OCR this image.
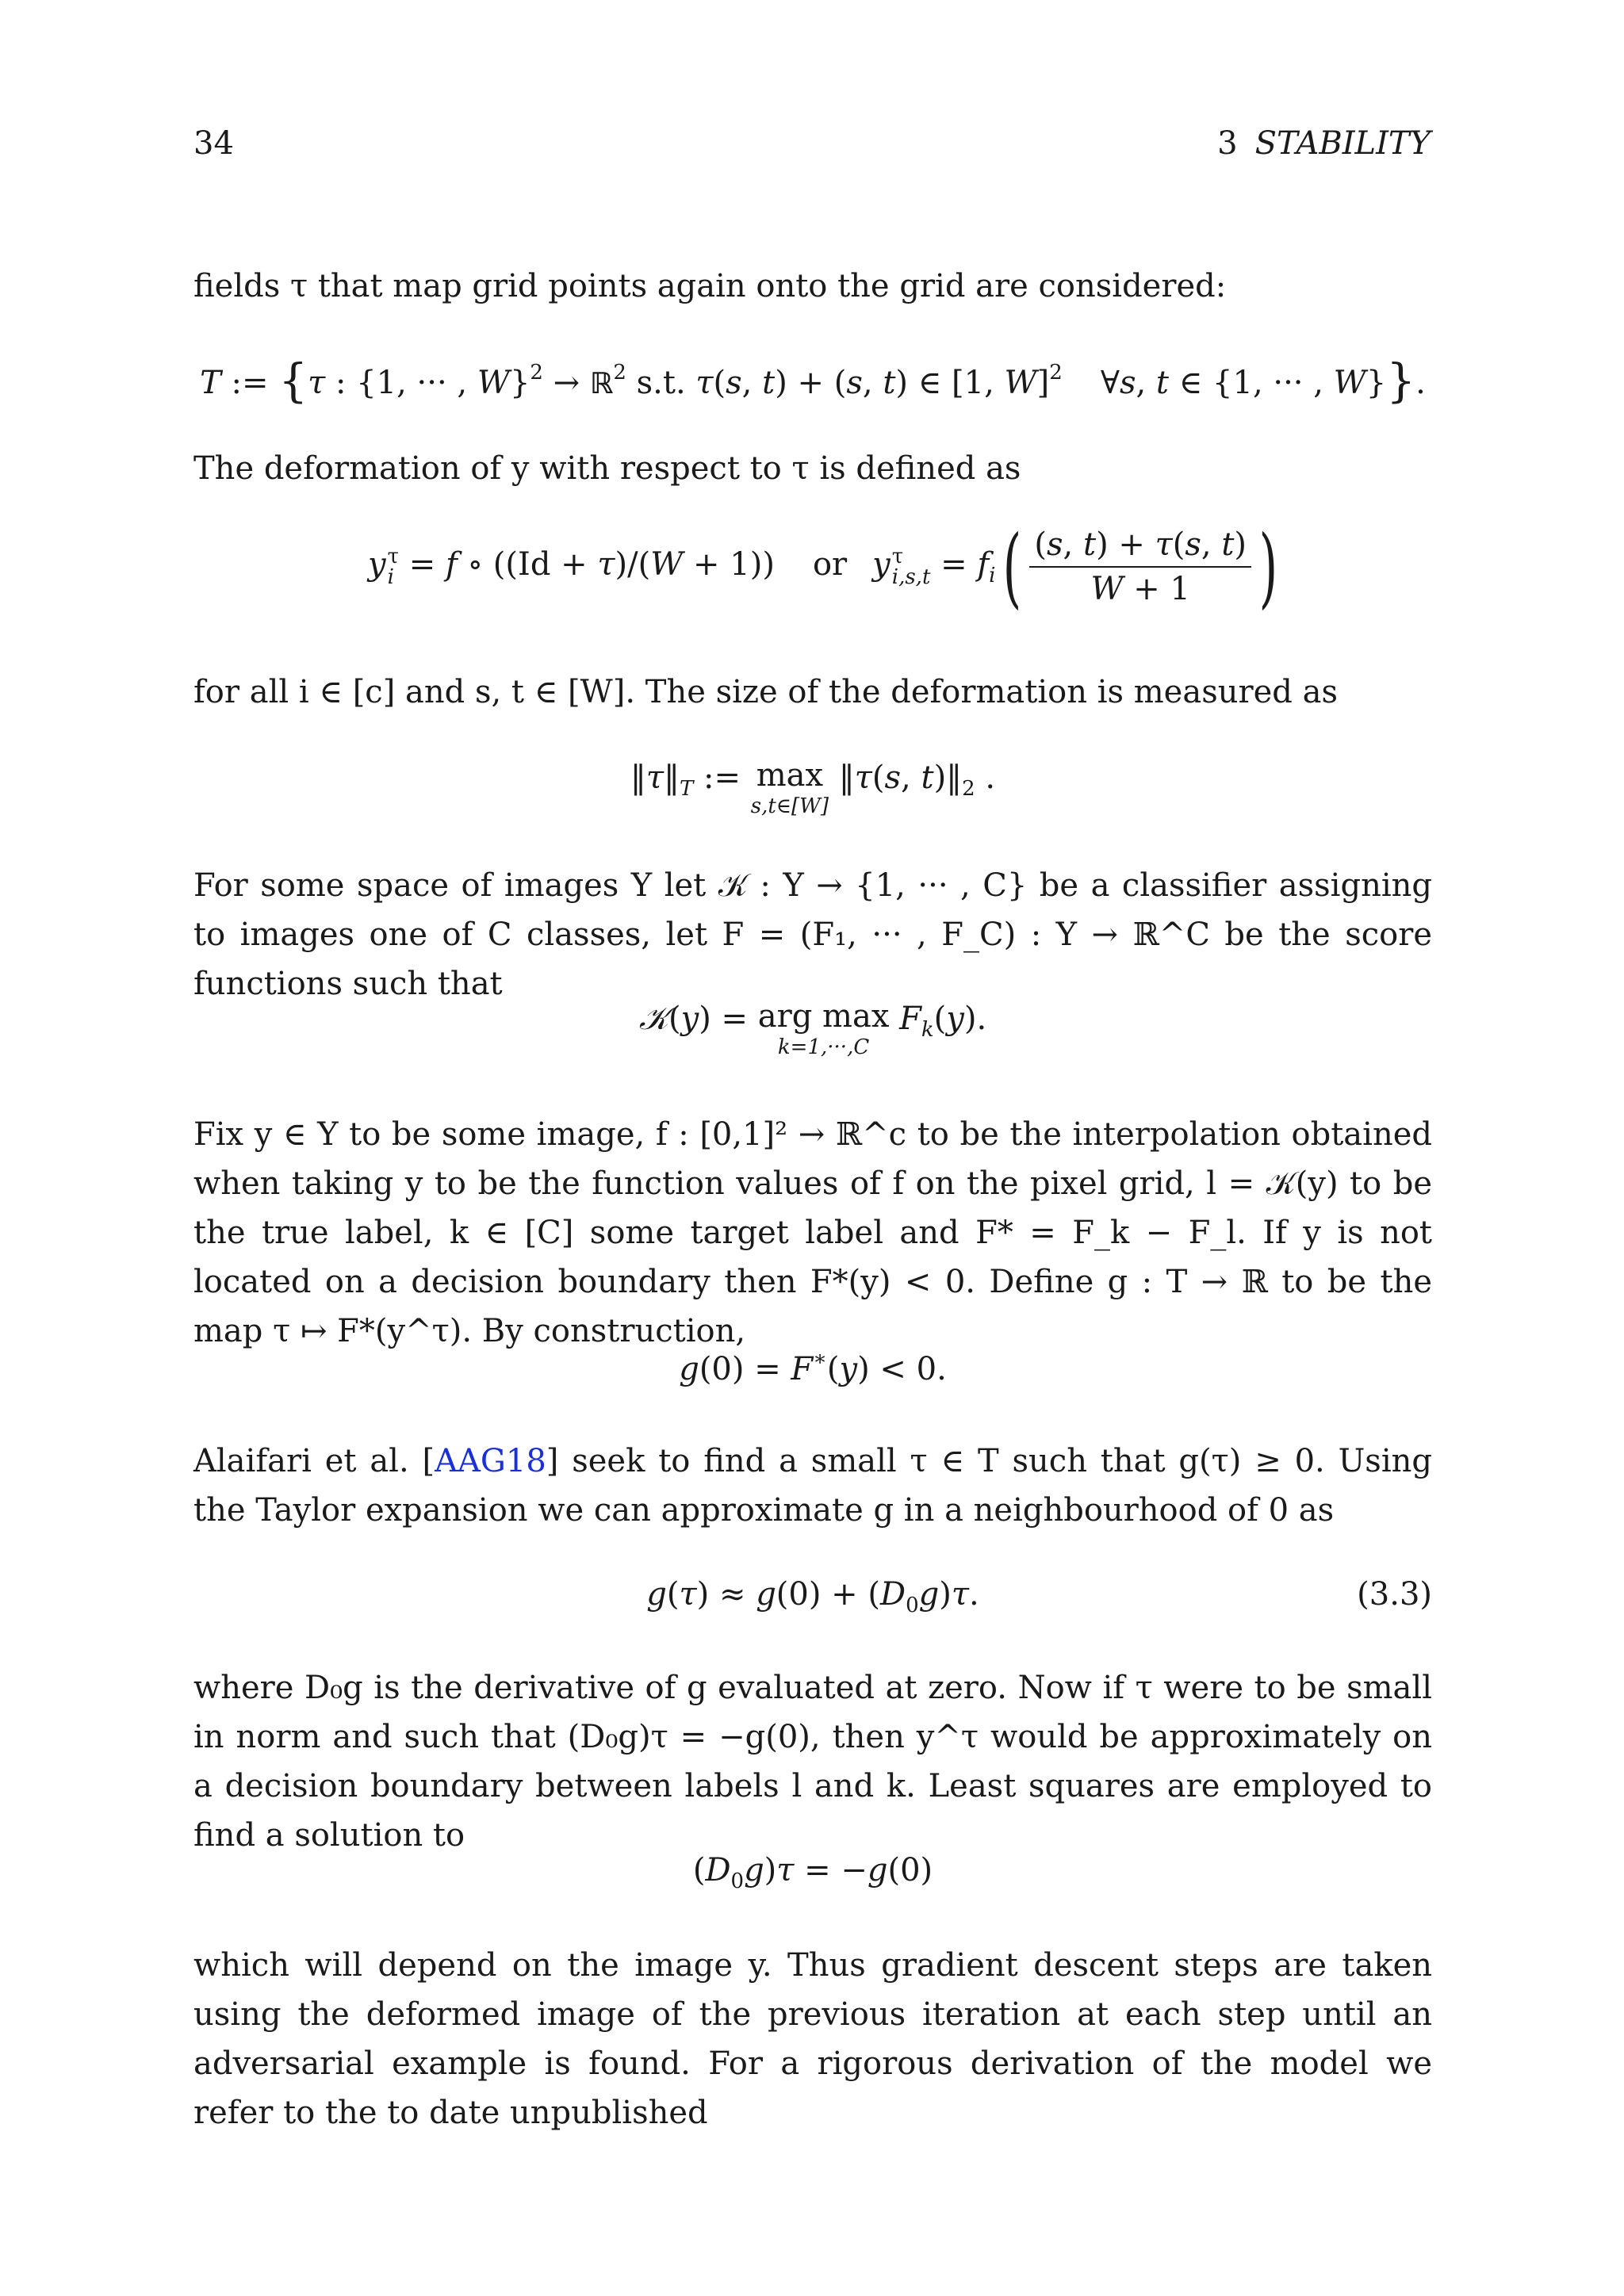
34	3 STABILITY

fields τ that map grid points again onto the grid are considered:

T := {τ : {1, ··· , W}$^2$ → ℝ$^2$ s.t. τ(s, t) + (s, t) ∈ [1, W]$^2$ ∀s, t ∈ {1, ··· , W}}.

The deformation of y with respect to τ is defined as

y τ
i = f ∘ ((Id + τ)/(W + 1)) or y τ
$i,s,t = f_i( \frac{(s, t) + \tau(s, t)}{W + 1}$ )

for all i ∈ [c] and s, t ∈ [W]. The size of the deformation is measured as

$‖\tau‖_T$ := max
s,t∈[W]
‖τ(s, $t)‖_2$ .

For some space of images Y let 𝒦 : Y → {1, ··· , C} be a classifier assigning to images one of C classes, let F = (F₁, ··· , F_C) : Y → ℝ^C be the score functions such that

𝒦(y) = arg max
k=1,···,C
$F_k(y)$.

Fix y ∈ Y to be some image, f : [0,1]² → ℝ^c to be the interpolation obtained when taking y to be the function values of f on the pixel grid, l = 𝒦(y) to be the true label, k ∈ [C] some target label and F* = F_k − F_l. If y is not located on a decision boundary then F*(y) < 0. Define g : T → ℝ to be the map τ ↦ F*(y^τ). By construction,

g(0) = F∗(y) < 0.

Alaifari et al. [AAG18] seek to find a small τ ∈ T such that g(τ) ≥ 0. Using the Taylor expansion we can approximate g in a neighbourhood of 0 as

$g(\tau) \approx g(0) + (D_0g)\tau$.	(3.3)

where D₀g is the derivative of g evaluated at zero. Now if τ were to be small in norm and such that (D₀g)τ = −g(0), then y^τ would be approximately on a decision boundary between labels l and k. Least squares are employed to find a solution to

$(D_0g)\tau = -g(0)$

which will depend on the image y. Thus gradient descent steps are taken using the deformed image of the previous iteration at each step until an adversarial example is found. For a rigorous derivation of the model we refer to the to date unpublished
